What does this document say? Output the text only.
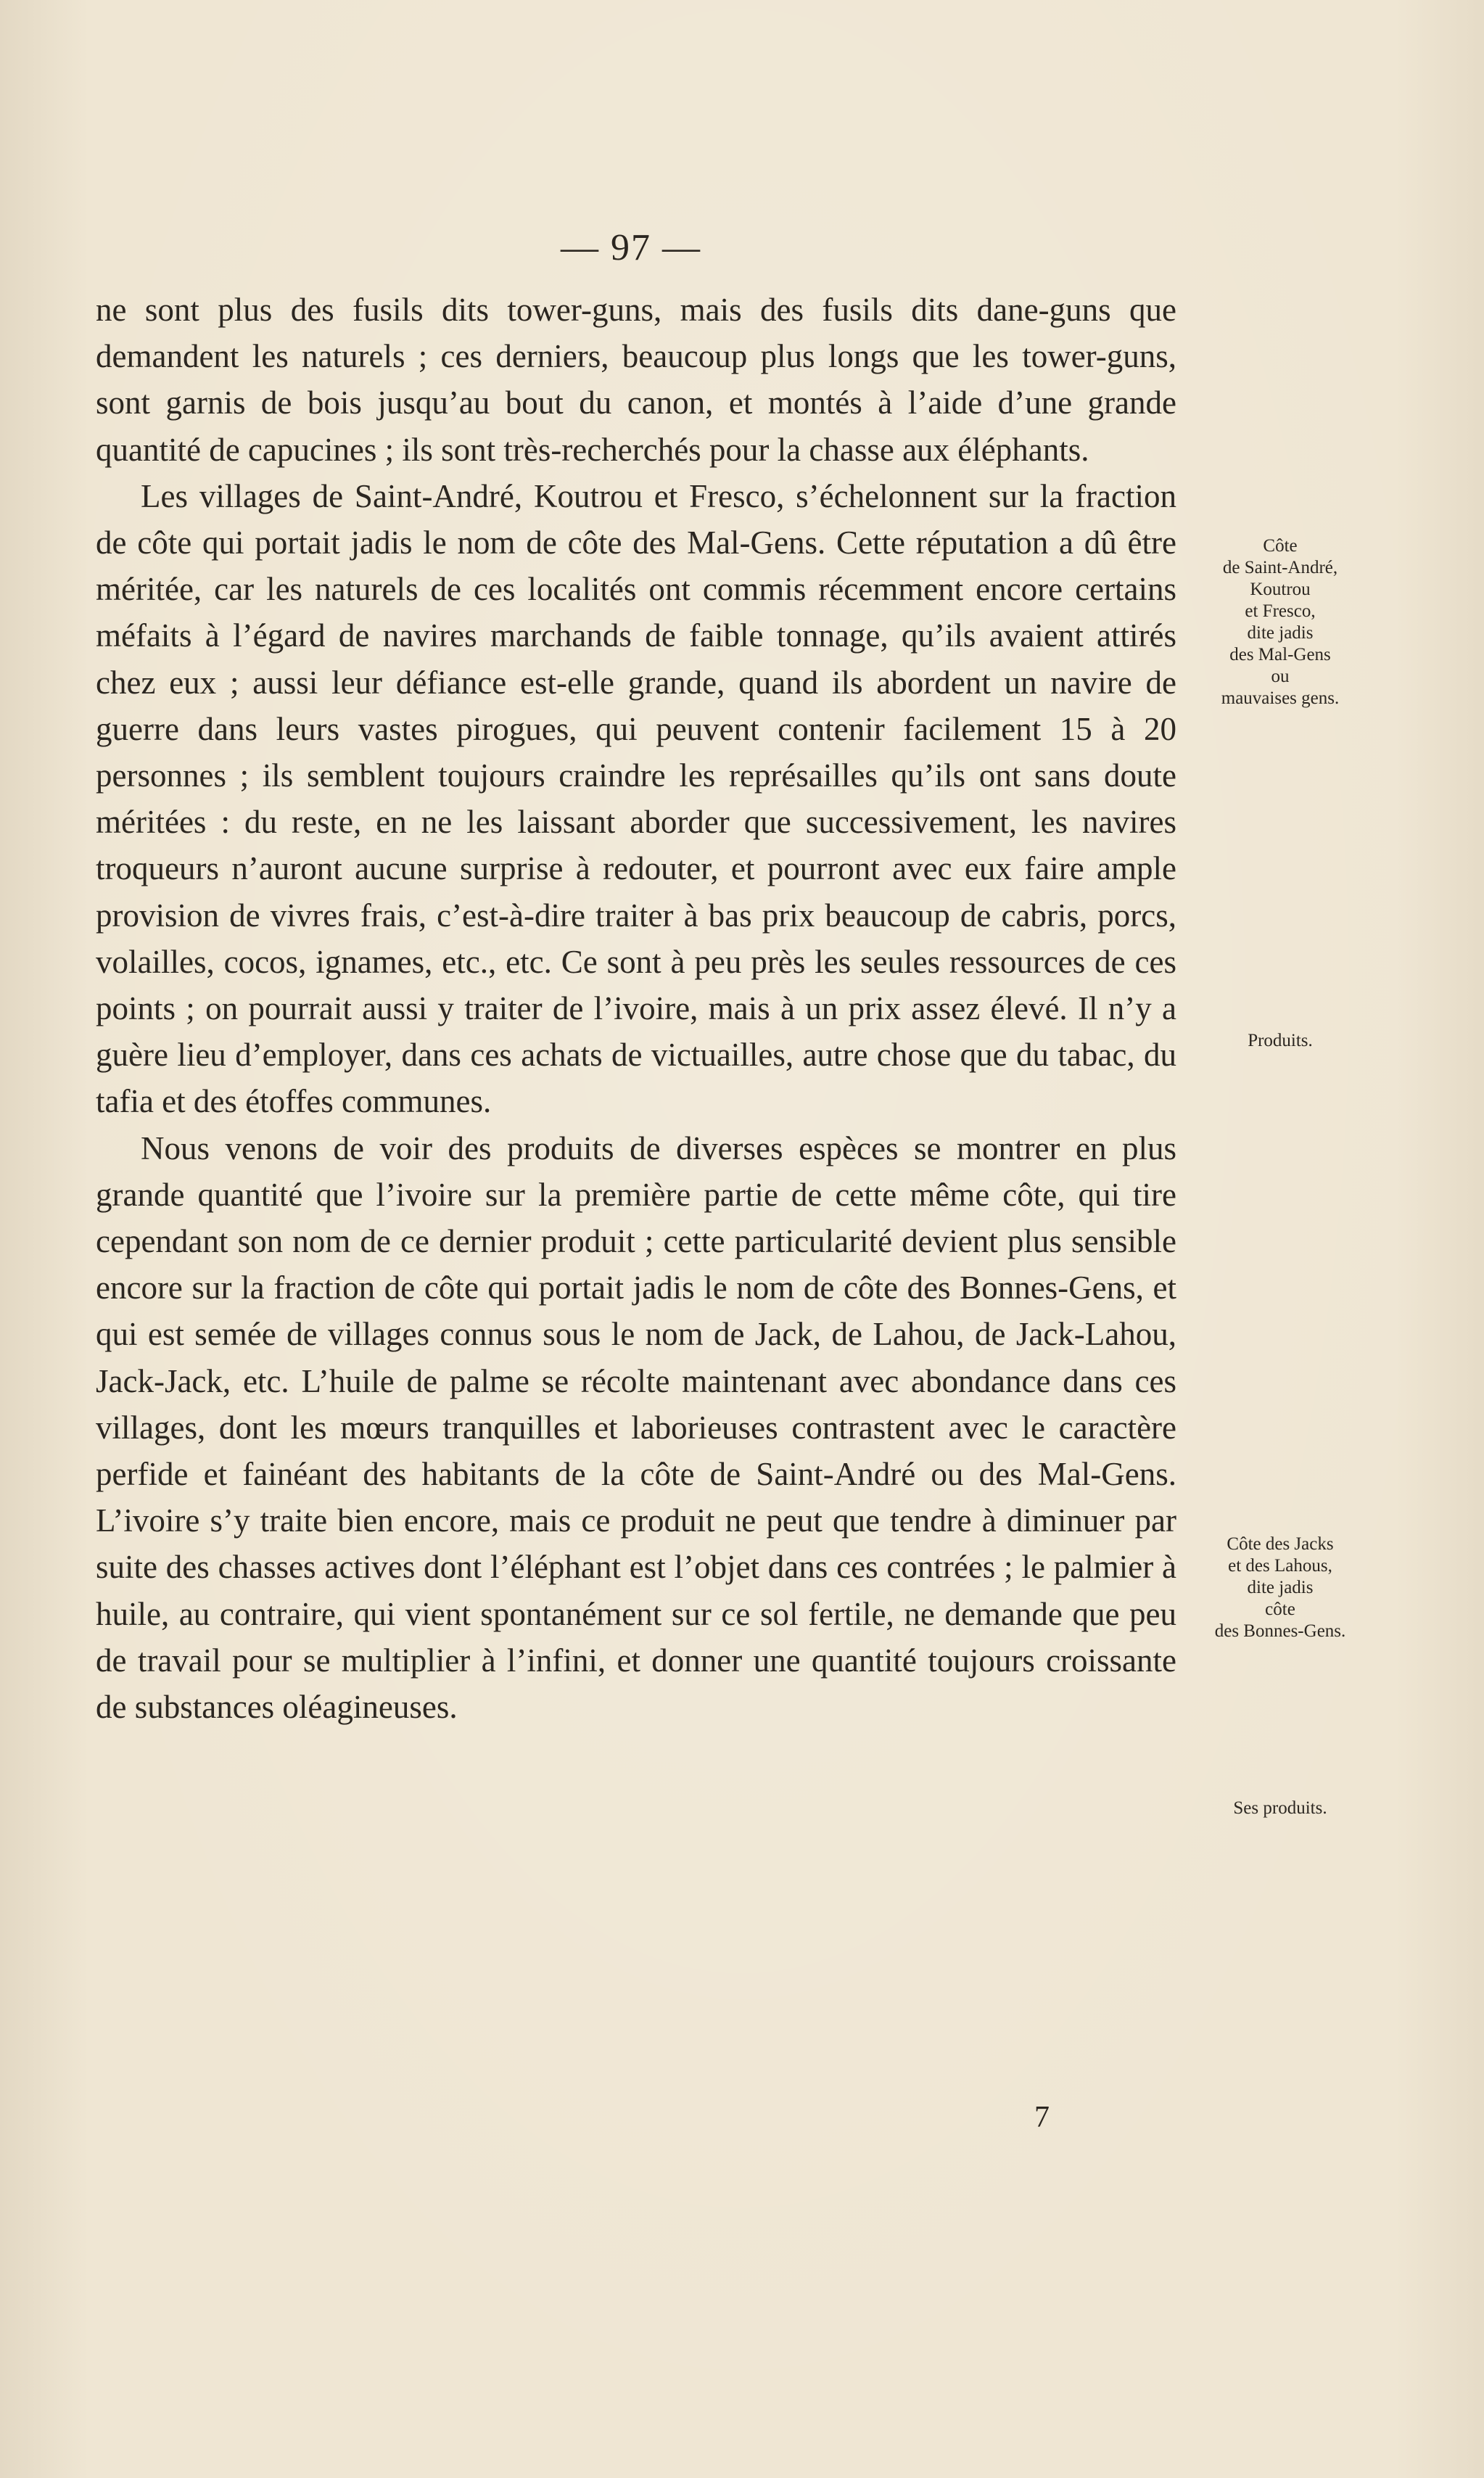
— 97 —

ne sont plus des fusils dits tower-guns, mais des fusils dits dane-guns que demandent les naturels ; ces derniers, beaucoup plus longs que les tower-guns, sont garnis de bois jusqu’au bout du canon, et montés à l’aide d’une grande quantité de capucines ; ils sont très-recherchés pour la chasse aux éléphants.

Les villages de Saint-André, Koutrou et Fresco, s’échelonnent sur la fraction de côte qui portait jadis le nom de côte des Mal-Gens. Cette réputation a dû être méritée, car les naturels de ces localités ont commis récemment encore certains méfaits à l’égard de navires marchands de faible tonnage, qu’ils avaient attirés chez eux ; aussi leur défiance est-elle grande, quand ils abordent un navire de guerre dans leurs vastes pirogues, qui peuvent contenir facilement 15 à 20 personnes ; ils semblent toujours craindre les représailles qu’ils ont sans doute méritées : du reste, en ne les laissant aborder que successivement, les navires troqueurs n’auront aucune surprise à redouter, et pourront avec eux faire ample provision de vivres frais, c’est-à-dire traiter à bas prix beaucoup de cabris, porcs, volailles, cocos, ignames, etc., etc. Ce sont à peu près les seules ressources de ces points ; on pourrait aussi y traiter de l’ivoire, mais à un prix assez élevé. Il n’y a guère lieu d’employer, dans ces achats de victuailles, autre chose que du tabac, du tafia et des étoffes communes.

Nous venons de voir des produits de diverses espèces se montrer en plus grande quantité que l’ivoire sur la première partie de cette même côte, qui tire cependant son nom de ce dernier produit ; cette particularité devient plus sensible encore sur la fraction de côte qui portait jadis le nom de côte des Bonnes-Gens, et qui est semée de villages connus sous le nom de Jack, de Lahou, de Jack-Lahou, Jack-Jack, etc. L’huile de palme se récolte maintenant avec abondance dans ces villages, dont les mœurs tranquilles et laborieuses contrastent avec le caractère perfide et fainéant des habitants de la côte de Saint-André ou des Mal-Gens. L’ivoire s’y traite bien encore, mais ce produit ne peut que tendre à diminuer par suite des chasses actives dont l’éléphant est l’objet dans ces contrées ; le palmier à huile, au contraire, qui vient spontanément sur ce sol fertile, ne demande que peu de travail pour se multiplier à l’infini, et donner une quantité toujours croissante de substances oléagineuses.

Côte
de Saint-André,
Koutrou
et Fresco,
dite jadis
des Mal-Gens
ou
mauvaises gens.
Produits.
Côte des Jacks
et des Lahous,
dite jadis
côte
des Bonnes-Gens.
Ses produits.
7
